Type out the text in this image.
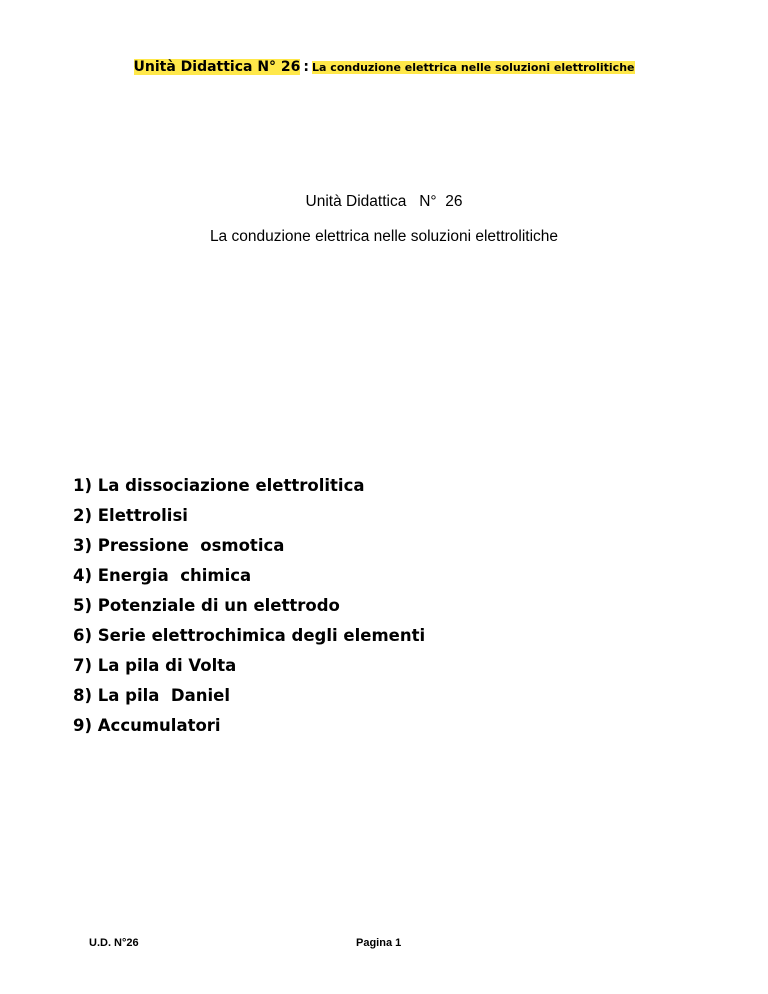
Unità Didattica N° 26 : La conduzione elettrica nelle soluzioni elettrolitiche
Unità Didattica   N°  26
La conduzione elettrica nelle soluzioni elettrolitiche
1) La dissociazione elettrolitica
2) Elettrolisi
3) Pressione  osmotica
4) Energia  chimica
5) Potenziale di un elettrodo
6) Serie elettrochimica degli elementi
7) La pila di Volta
8) La pila  Daniel
9) Accumulatori
U.D. N°26	Pagina 1
